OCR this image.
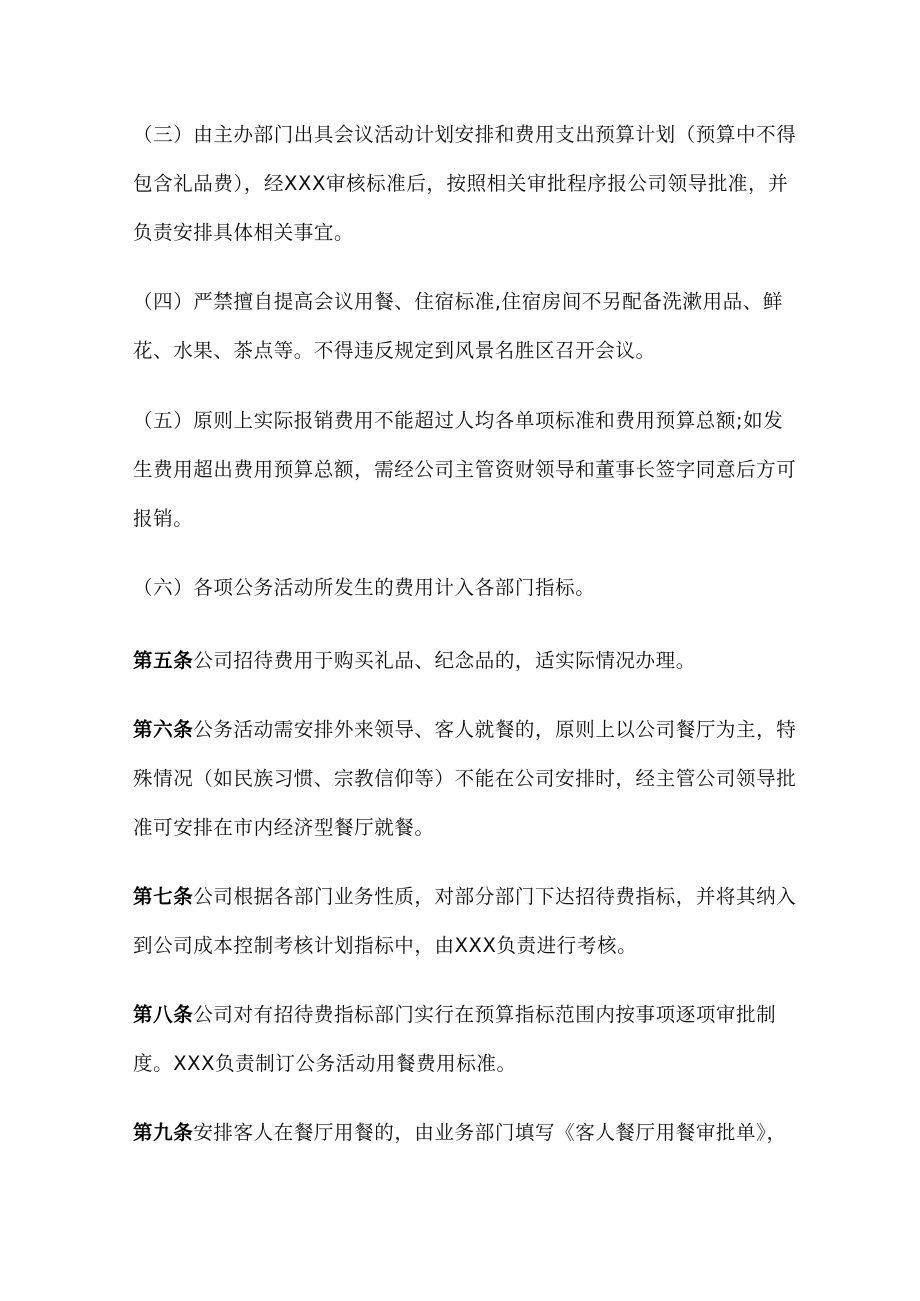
（三）由主办部门出具会议活动计划安排和费用支出预算计划（预算中不得包含礼品费），经XXX审核标准后，按照相关审批程序报公司领导批准，并负责安排具体相关事宜。

（四）严禁擅自提高会议用餐、住宿标准,住宿房间不另配备洗漱用品、鲜花、水果、茶点等。不得违反规定到风景名胜区召开会议。

（五）原则上实际报销费用不能超过人均各单项标准和费用预算总额;如发生费用超出费用预算总额，需经公司主管资财领导和董事长签字同意后方可报销。

（六）各项公务活动所发生的费用计入各部门指标。

第五条公司招待费用于购买礼品、纪念品的，适实际情况办理。

第六条公务活动需安排外来领导、客人就餐的，原则上以公司餐厅为主，特殊情况（如民族习惯、宗教信仰等）不能在公司安排时，经主管公司领导批准可安排在市内经济型餐厅就餐。

第七条公司根据各部门业务性质，对部分部门下达招待费指标，并将其纳入到公司成本控制考核计划指标中，由XXX负责进行考核。

第八条公司对有招待费指标部门实行在预算指标范围内按事项逐项审批制度。XXX负责制订公务活动用餐费用标准。

第九条安排客人在餐厅用餐的，由业务部门填写《客人餐厅用餐审批单》，
